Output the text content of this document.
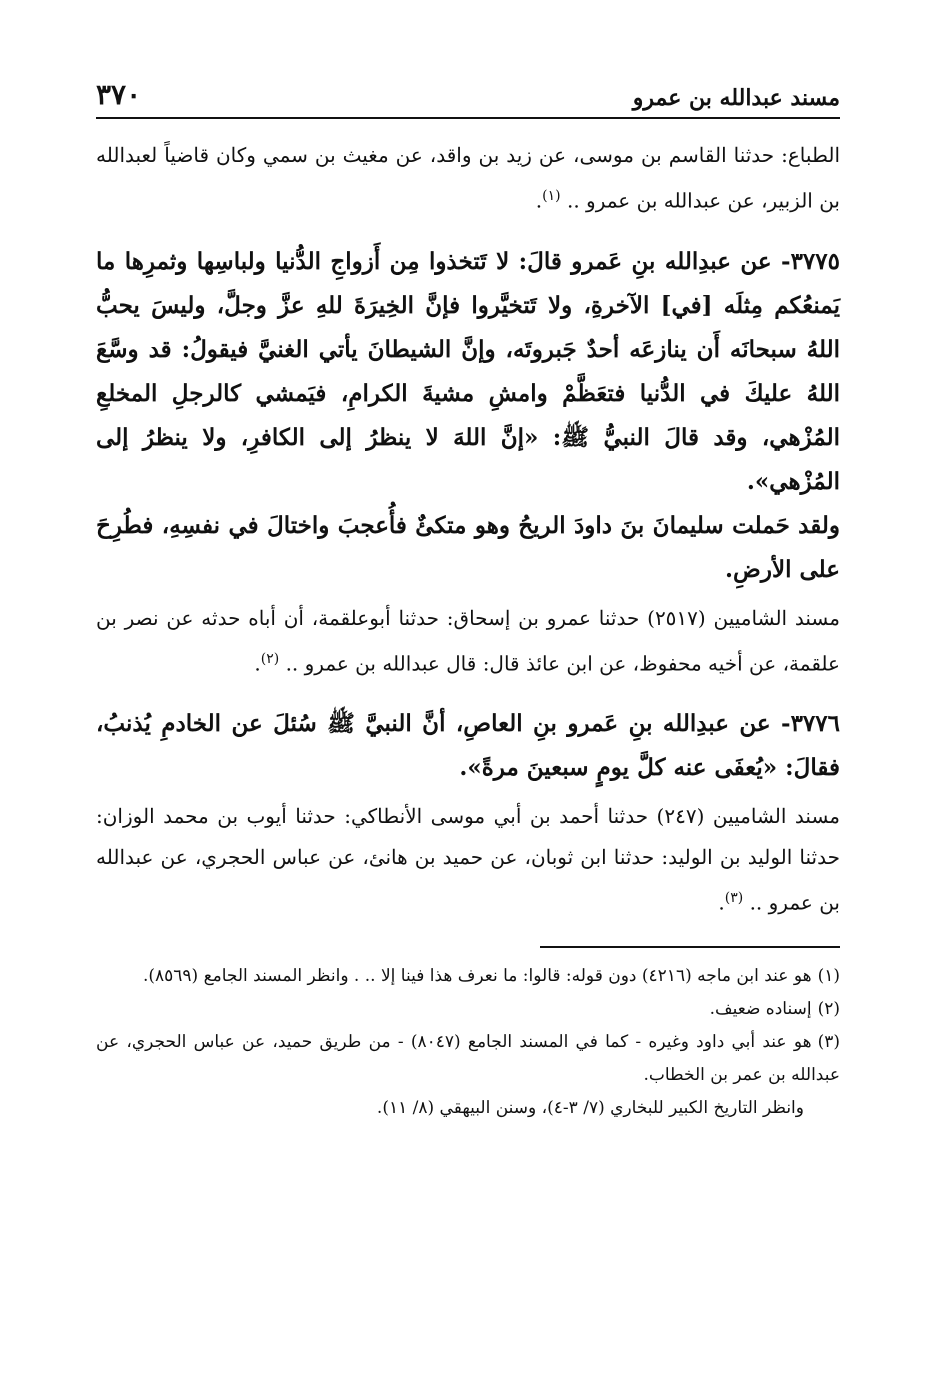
مسند عبدالله بن عمرو
٣٧٠

الطباع: حدثنا القاسم بن موسى، عن زيد بن واقد، عن مغيث بن سمي وكان قاضياً لعبدالله بن الزبير، عن عبدالله بن عمرو .. $^{(١)}$.

٣٧٧٥- عن عبدِالله بنِ عَمرو قالَ: لا تَتخذوا مِن أَزواجِ الدُّنيا ولباسِها وثمرِها ما يَمنعُكم مِثلَه [في] الآخرةِ، ولا تَتخيَّروا فإنَّ الخِيرَةَ للهِ عزَّ وجلَّ، وليسَ يحبُّ اللهُ سبحانَه أَن ينازعَه أحدٌ جَبروتَه، وإنَّ الشيطانَ يأتي الغنيَّ فيقولُ: قد وسَّعَ اللهُ عليكَ في الدُّنيا فتعَظَّمْ وامشِ مشيةَ الكرامِ، فيَمشي كالرجلِ المخلعِ المُزْهي، وقد قالَ النبيُّ ﷺ: «إنَّ اللهَ لا ينظرُ إلى الكافرِ، ولا ينظرُ إلى المُزْهي».

ولقد حَملت سليمانَ بنَ داودَ الريحُ وهو متكئٌ فأُعجبَ واختالَ في نفسِهِ، فطُرِحَ على الأرضِ.

مسند الشاميين (٢٥١٧) حدثنا عمرو بن إسحاق: حدثنا أبوعلقمة، أن أباه حدثه عن نصر بن علقمة، عن أخيه محفوظ، عن ابن عائذ قال: قال عبدالله بن عمرو .. $^{(٢)}$.

٣٧٧٦- عن عبدِالله بنِ عَمرو بنِ العاصِ، أنَّ النبيَّ ﷺ سُئلَ عن الخادمِ يُذنبُ، فقالَ: «يُعفَى عنه كلَّ يومٍ سبعينَ مرةً».

مسند الشاميين (٢٤٧) حدثنا أحمد بن أبي موسى الأنطاكي: حدثنا أيوب بن محمد الوزان: حدثنا الوليد بن الوليد: حدثنا ابن ثوبان، عن حميد بن هانئ، عن عباس الحجري، عن عبدالله بن عمرو .. $^{(٣)}$.

(١)هو عند ابن ماجه (٤٢١٦) دون قوله: قالوا: ما نعرف هذا فينا إلا .. . وانظر المسند الجامع (٨٥٦٩).

(٢)إسناده ضعيف.

(٣)هو عند أبي داود وغيره - كما في المسند الجامع (٨٠٤٧) - من طريق حميد، عن عباس الحجري، عن عبدالله بن عمر بن الخطاب.

وانظر التاريخ الكبير للبخاري (٧/ ٣-٤)، وسنن البيهقي (٨/ ١١).
